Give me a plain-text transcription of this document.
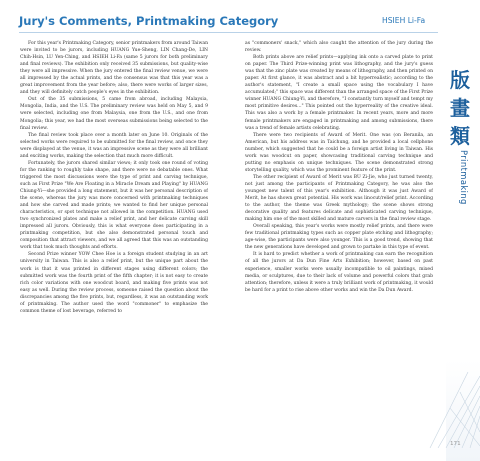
Jury's Comments, Printmaking Category	HSIEH Li-Fa
版
畫
類
Printmaking

For this year's Printmaking Category, senior printmakers from around Taiwan were invited to be jurors, including HUANG Yue-Sheng, LIN Chang-De, LIN Chih-Hsin, LU Yen-Ching, and HSIEH Li-Fa (same 5 jurors for both preliminary and final reviews). The exhibition only received 35 submissions, but quality-wise they were all impressive. When the jury entered the final review venue, we were all impressed by the actual prints, and the consensus was that this year was a great improvement from the year before; also, there were works of larger sizes, and they will definitely catch people's eyes in the exhibition.

Out of the 35 submissions, 5 came from abroad, including Malaysia, Mongolia, India, and the U.S. The preliminary review was held on May 5, and 9 were selected, including one from Malaysia, one from the U.S., and one from Mongolia; this year, we had the most overseas submissions being selected to the final review.

The final review took place over a month later on June 10. Originals of the selected works were required to be submitted for the final review, and once they were displayed at the venue, it was an impressive scene as they were all brilliant and exciting works, making the selection that much more difficult.

Fortunately, the jurors shared similar views; it only took one round of voting for the ranking to roughly take shape, and there were no debatable ones. What triggered the most discussions were the type of print and carving technique, such as First Prize "We Are Floating in a Miracle Dream and Playing" by HUANG Chiung-Yi—she provided a long statement, but it was her personal description of the scene, whereas the jury was more concerned with printmaking techniques and how she carved and made prints; we wanted to find her unique personal characteristics, or spot technique not allowed in the competition. HUANG used two synchronized plates and make a relief print, and her delicate carving skill impressed all jurors. Obviously, this is what everyone does participating in a printmaking competition, but she also demonstrated personal touch and composition that attract viewers, and we all agreed that this was an outstanding work that took much thoughts and efforts.

Second Prize winner YOW Chee Hoe is a foreign student studying in an art university in Taiwan. This is also a relief print, but the unique part about the work is that it was printed in different stages using different colors; the submitted work was the fourth print of the fifth chapter; it is not easy to create rich color variations with one woodcut board, and making five prints was not easy as well. During the review process, someone raised the question about the discrepancies among the five prints, but, regardless, it was an outstanding work of printmaking. The author used the word "commoner" to emphasize the common theme of lost beverage, referred to

as "commoners' snack," which also caught the attention of the jury during the review.

Both prints above are relief prints—applying ink onto a carved plate to print on paper. The Third Prize-winning print was lithography, and the jury's guess was that the zinc plate was created by means of lithography, and then printed on paper. At first glance, it was abstract and a bit hyperrealistic; according to the author's statement, "I create a small space using the vocabulary I have accumulated;" this space was different than the arranged space of the First Prize winner HUANG Chiung-Yi, and therefore, "I constantly turn myself and tempt my most primitive desires..." This pointed out the hyperreality of the creative ideal. This was also a work by a female printmaker. In recent years, more and more female printmakers are engaged in printmaking and among submissions, there was a trend of female artists celebrating.

There were two recipients of Award of Merit. One was (on Beranila, an American, but his address was in Taichung, and he provided a local cellphone number, which suggested that he could be a foreign artist living in Taiwan. His work was woodcut on paper, showcasing traditional carving technique and putting no emphasis on unique techniques. The scene demonstrated strong storytelling quality, which was the prominent feature of the print.

The other recipient of Award of Merit was BU Zi-Jie, who just turned twenty, not just among the participants of Printmaking Category, he was also the youngest new talent of this year's exhibition. Although it was just Award of Merit, he has shown great potential. His work was linocut/relief print. According to the author, the theme was Greek mythology; the scene shows strong decorative quality and features delicate and sophisticated carving technique, making him one of the most skilled and mature carvers in the final review stage.

Overall speaking, this year's works were mostly relief prints, and there were few traditional printmaking types such as copper plate etching and lithography; age-wise, the participants were also younger. This is a good trend, showing that the new generations have developed and grown to partake in this type of event.

It is hard to predict whether a work of printmaking can earn the recognition of all the jurors at Da Dun Fine Arts Exhibition; however, based on past experience, smaller works were usually incompatible to oil paintings, mixed media, or sculptures, due to their lack of volume and powerful colors that grab attention; therefore, unless it were a truly brilliant work of printmaking, it would be hard for a print to rise above other works and win the Da Dun Award.

171
